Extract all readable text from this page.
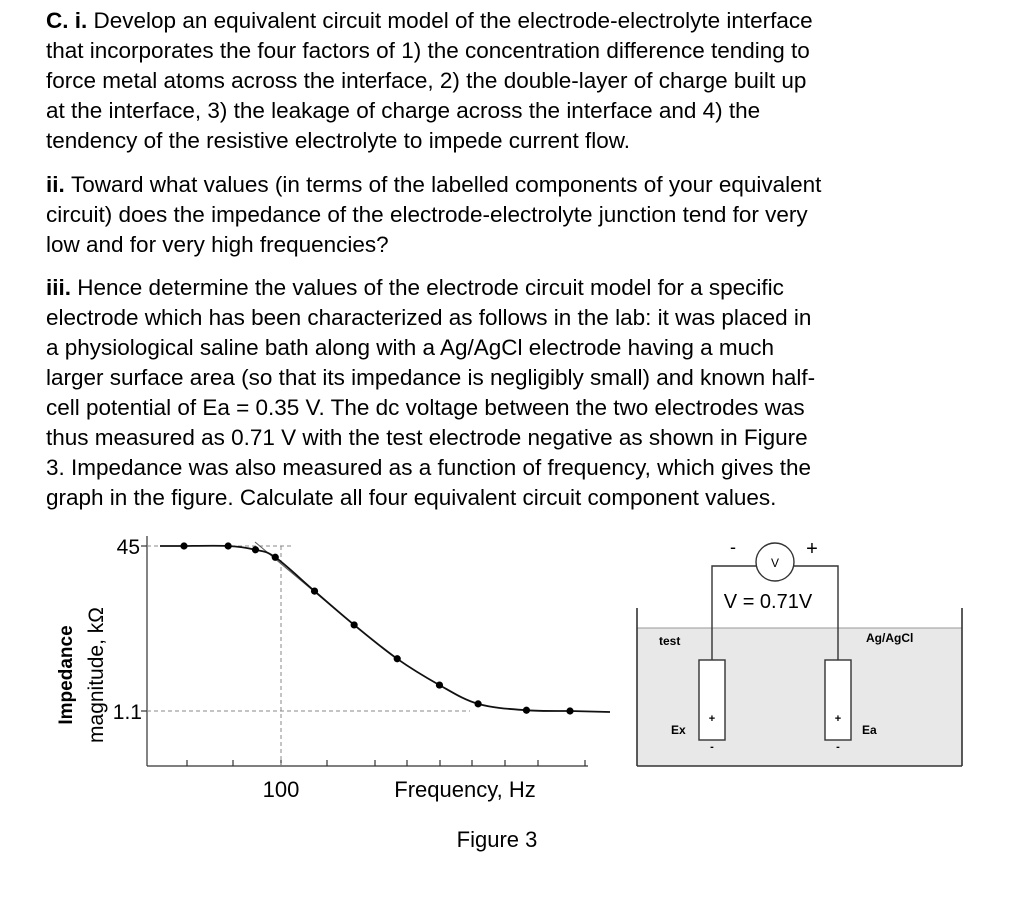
C. i. Develop an equivalent circuit model of the electrode-electrolyte interface
that incorporates the four factors of 1) the concentration difference tending to
force metal atoms across the interface, 2) the double-layer of charge built up
at the interface, 3) the leakage of charge across the interface and 4) the
tendency of the resistive electrolyte to impede current flow.

ii. Toward what values (in terms of the labelled components of your equivalent
circuit) does the impedance of the electrode-electrolyte junction tend for very
low and for very high frequencies?

iii. Hence determine the values of the electrode circuit model for a specific
electrode which has been characterized as follows in the lab: it was placed in
a physiological saline bath along with a Ag/AgCl electrode having a much
larger surface area (so that its impedance is negligibly small) and known half-
cell potential of Ea = 0.35 V. The dc voltage between the two electrodes was
thus measured as 0.71 V with the test electrode negative as shown in Figure
3. Impedance was also measured as a function of frequency, which gives the
graph in the figure. Calculate all four equivalent circuit component values.

Impedance magnitude, kΩ
45
1.1
100	Frequency, Hz
V
-	+
V = 0.71V
test	Ag/AgCl
Ex	Ea
+
-
+
-
Figure 3
